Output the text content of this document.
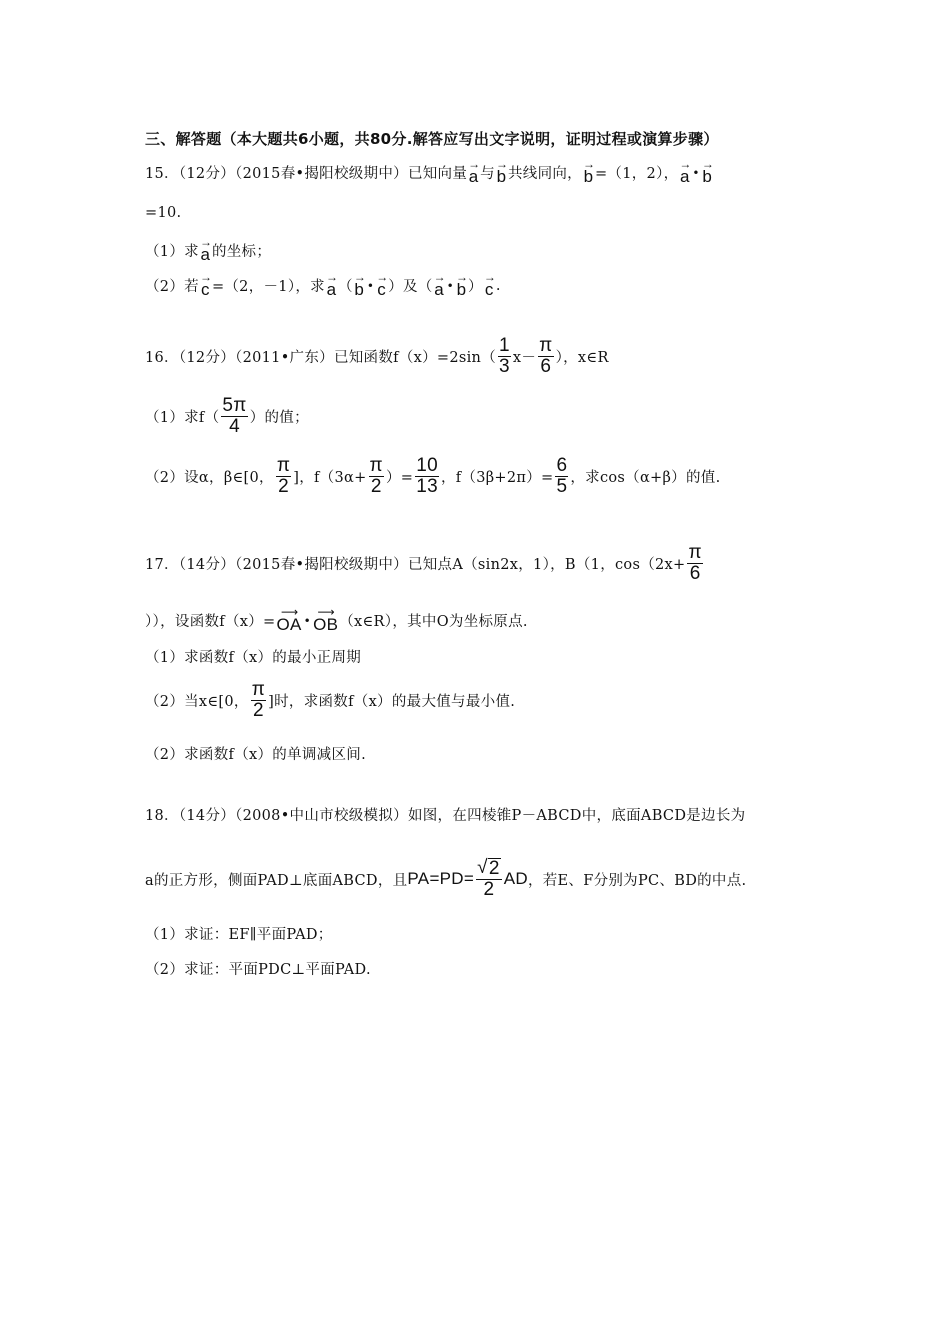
三、解答题（本大题共6小题，共80分.解答应写出文字说明，证明过程或演算步骤）
15．（12分）（2015春•揭阳校级期中）已知向量
→
a 与
→
b 共线同向，
→
b =（1，2），
→
a •
→
b
=10.
（1）求
→
a 的坐标；
（2）若
→
c =（2，－1），求
→
a （
→
b •
→
c ）及（
→
a •
→
b ）
→
c .
16．（12分）（2011•广东）已知函数$f(x)=2\sin( \frac{1}{3} x- \frac{\pi}{6}$ ），x∈R
（1）求$f( \frac{5\pi}{4}$ ）的值；
（2）设α，β∈[0， $\frac{\pi}{2}$ ]，$f(3\alpha+ \frac{\pi}{2}$ ）= $\frac{10}{13}$ ，$f(3\beta+2\pi)= \frac{6}{5}$ ，求cos（α+β）的值.
17．（14分）（2015春•揭阳校级期中）已知点A（sin2x，1），B（1，$\cos(2x+ \frac{\pi}{6}$
）），设函数f（x）=
⟶
OA •
⟶
OB （x∈R），其中O为坐标原点.
（1）求函数f（x）的最小正周期
（2）当x∈[0， $\frac{\pi}{2}$ ]时，求函数f（x）的最大值与最小值.
（2）求函数f（x）的单调减区间.
18．（14分）（2008•中山市校级模拟）如图，在四棱锥P－ABCD中，底面ABCD是边长为
a的正方形，侧面PAD⊥底面ABCD，且 $PA=PD= \frac{√ 2}{2}$ AD ，若E、F分别为PC、BD的中点.
（1）求证：EF∥平面PAD；
（2）求证：平面PDC⊥平面PAD.
